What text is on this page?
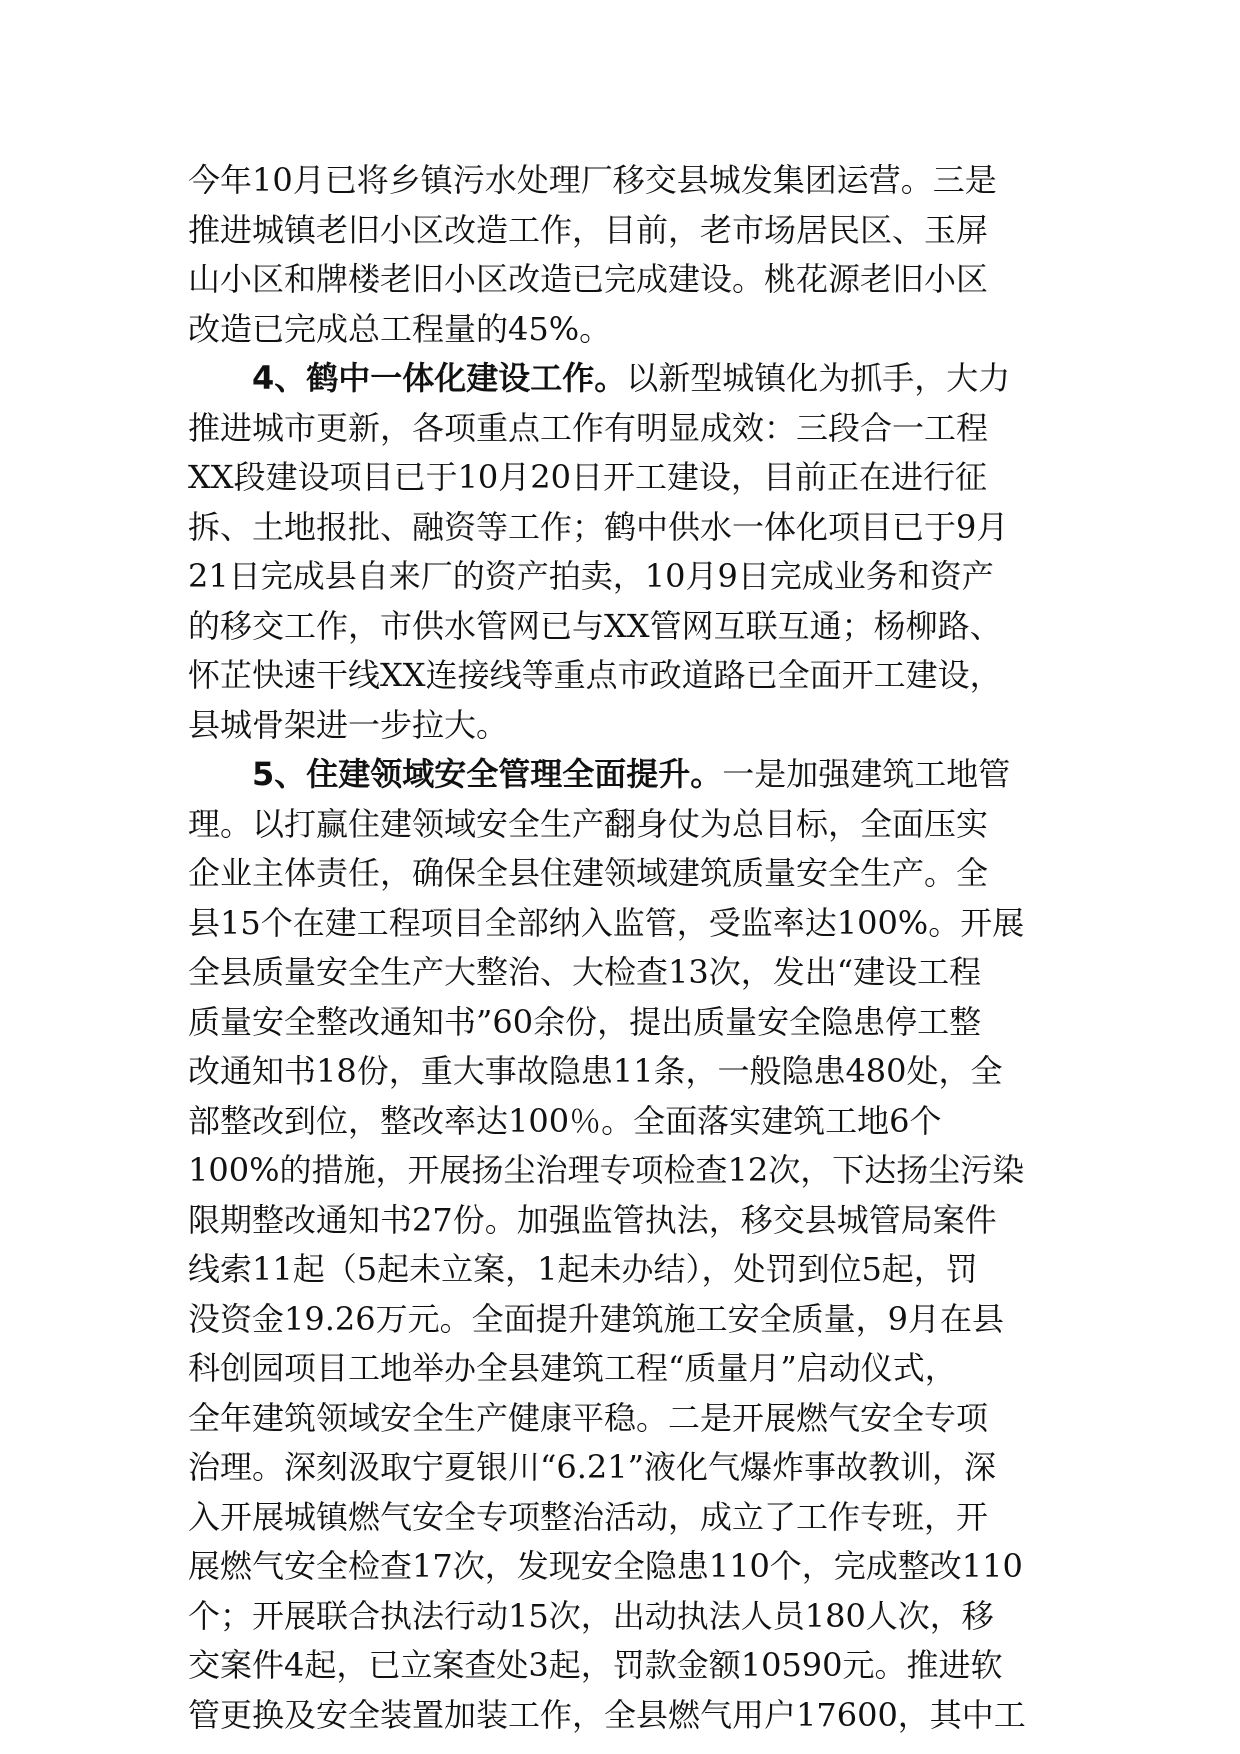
今年10月已将乡镇污水处理厂移交县城发集团运营。三是
推进城镇老旧小区改造工作，目前，老市场居民区、玉屏
山小区和牌楼老旧小区改造已完成建设。桃花源老旧小区
改造已完成总工程量的45%。
4、鹤中一体化建设工作。以新型城镇化为抓手，大力
推进城市更新，各项重点工作有明显成效：三段合一工程
XX段建设项目已于10月20日开工建设，目前正在进行征
拆、土地报批、融资等工作；鹤中供水一体化项目已于9月
21日完成县自来厂的资产拍卖，10月9日完成业务和资产
的移交工作，市供水管网已与XX管网互联互通；杨柳路、
怀芷快速干线XX连接线等重点市政道路已全面开工建设，
县城骨架进一步拉大。
5、住建领域安全管理全面提升。一是加强建筑工地管
理。以打赢住建领域安全生产翻身仗为总目标，全面压实
企业主体责任，确保全县住建领域建筑质量安全生产。全
县15个在建工程项目全部纳入监管，受监率达100%。开展
全县质量安全生产大整治、大检查13次，发出“建设工程
质量安全整改通知书”60余份，提出质量安全隐患停工整
改通知书18份，重大事故隐患11条，一般隐患480处，全
部整改到位，整改率达100％。全面落实建筑工地6个
100%的措施，开展扬尘治理专项检查12次，下达扬尘污染
限期整改通知书27份。加强监管执法，移交县城管局案件
线索11起（5起未立案，1起未办结），处罚到位5起，罚
没资金19.26万元。全面提升建筑施工安全质量，9月在县
科创园项目工地举办全县建筑工程“质量月”启动仪式，
全年建筑领域安全生产健康平稳。二是开展燃气安全专项
治理。深刻汲取宁夏银川“6.21”液化气爆炸事故教训，深
入开展城镇燃气安全专项整治活动，成立了工作专班，开
展燃气安全检查17次，发现安全隐患110个，完成整改110
个；开展联合执法行动15次，出动执法人员180人次，移
交案件4起，已立案查处3起，罚款金额10590元。推进软
管更换及安全装置加装工作，全县燃气用户17600，其中工
